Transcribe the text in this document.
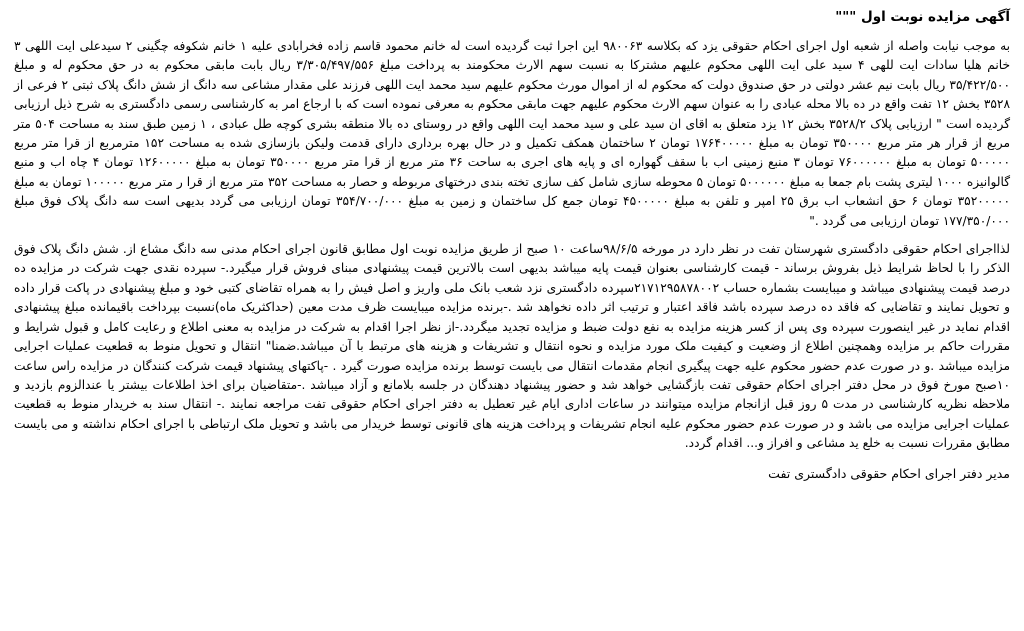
آگهی مزایده نوبت اول """

به موجب نیابت واصله از شعبه اول اجرای احکام حقوقی یزد که بکلاسه ۹۸۰۰۶۳ این اجرا ثبت گردیده است له خانم محمود قاسم زاده فخرابادی علیه ۱ خانم شکوفه چگینی ۲ سیدعلی ایت اللهی ۳ خانم هلیا سادات ایت للهی ۴ سید علی ایت اللهی محکوم علیهم مشترکا به نسبت سهم الارث محکومند به پرداخت مبلغ ۳/۳۰۵/۴۹۷/۵۵۶ ریال بابت مابقی محکوم به در حق محکوم له و مبلغ ۳۵/۴۲۲/۵۰۰ ریال بابت نیم عشر دولتی در حق صندوق دولت که محکوم له از اموال مورث محکوم علیهم سید محمد ایت اللهی فرزند علی مقدار مشاعی سه دانگ از شش دانگ پلاک ثبتی ۲ فرعی از ۳۵۲۸ بخش ۱۲ تفت واقع در ده بالا محله عبادی را به عنوان سهم الارث محکوم علیهم جهت مابقی محکوم به معرفی نموده است که با ارجاع امر به کارشناسی رسمی دادگستری به شرح ذیل ارزیابی گردیده است " ارزیابی پلاک ۳۵۲۸/۲ بخش ۱۲ یزد متعلق به اقای ان سید علی و سید محمد ایت اللهی واقع در روستای ده بالا منطقه بشری کوچه طل عبادی ، ۱ زمین طبق سند به مساحت ۵۰۴ متر مربع از قرار هر متر مربع ۳۵۰۰۰۰ تومان به مبلغ ۱۷۶۴۰۰۰۰۰ تومان ۲ ساختمان همکف تکمیل و در حال بهره برداری دارای قدمت ولیکن بازسازی شده به مساحت ۱۵۲ مترمربع از قرا متر مربع ۵۰۰۰۰۰ تومان به مبلغ ۷۶۰۰۰۰۰۰ تومان ۳ منبع زمینی اب با سقف گهواره ای و پایه های اجری به ساحت ۳۶ متر مربع از قرا متر مربع ۳۵۰۰۰۰ تومان به مبلغ ۱۲۶۰۰۰۰۰ تومان ۴ چاه اب و منبع گالوانیزه ۱۰۰۰ لیتری پشت بام جمعا به مبلغ ۵۰۰۰۰۰۰ تومان ۵ محوطه سازی شامل کف سازی تخته بندی درختهای مربوطه و حصار به مساحت ۳۵۲ متر مربع از قرا ر متر مربع ۱۰۰۰۰۰ تومان به مبلغ ۳۵۲۰۰۰۰۰ تومان ۶ حق انشعاب اب برق ۲۵ امپر و تلفن به مبلغ ۴۵۰۰۰۰۰ تومان جمع کل ساختمان و زمین به مبلغ ۳۵۴/۷۰۰/۰۰۰ تومان ارزیابی می گردد بدیهی است سه دانگ پلاک فوق مبلغ ۱۷۷/۳۵۰/۰۰۰ تومان ارزیابی می گردد ."

لذااجرای احکام حقوقی دادگستری شهرستان تفت در نظر دارد در مورخه ۹۸/۶/۵ساعت ۱۰ صبح از طریق مزایده نوبت اول مطابق قانون اجرای احکام مدنی سه دانگ مشاع از. شش دانگ پلاک فوق الذکر را با لحاظ شرایط ذیل بفروش برساند - قیمت کارشناسی بعنوان قیمت پایه میباشد بدیهی است بالاترین قیمت پیشنهادی مبنای فروش قرار میگیرد.- سپرده نقدی جهت شرکت در مزایده ده درصد قیمت پیشنهادی میباشد و میبایست بشماره حساب ۲۱۷۱۲۹۵۸۷۸۰۰۲سپرده دادگستری نزد شعب بانک ملی واریز و اصل فیش را به همراه تقاضای کتبی خود و مبلغ پیشنهادی در پاکت قرار داده و تحویل نمایند و تقاضایی که فاقد ده درصد سپرده باشد فاقد اعتبار و ترتیب اثر داده نخواهد شد .-برنده مزایده میبایست ظرف مدت معین (حداکثریک ماه)نسبت بپرداخت باقیمانده مبلغ پیشنهادی اقدام نماید در غیر اینصورت سپرده وی پس از کسر هزینه مزایده به نفع دولت ضبط و مزایده تجدید میگردد.-از نظر اجرا اقدام به شرکت در مزایده به معنی اطلاع و رعایت کامل و قبول شرایط و مقررات حاکم بر مزایده وهمچنین اطلاع از وضعیت و کیفیت ملک مورد مزایده و نحوه انتقال و تشریفات و هزینه های مرتبط با آن میباشد.ضمنا" انتقال و تحویل منوط به قطعیت عملیات اجرایی مزایده میباشد .و در صورت عدم حضور محکوم علیه جهت پیگیری انجام مقدمات انتقال می بایست توسط برنده مزایده صورت گیرد . -پاکتهای پیشنهاد قیمت شرکت کنندگان در مزایده راس ساعت ۱۰صبح مورخ فوق در محل دفتر اجرای احکام حقوقی تفت بازگشایی خواهد شد و حضور پیشنهاد دهندگان در جلسه بلامانع و آزاد میباشد .-متقاضیان برای اخذ اطلاعات بیشتر یا عندالزوم بازدید و ملاحظه نظریه کارشناسی در مدت ۵ روز قبل ازانجام مزایده میتوانند در ساعات اداری ایام غیر تعطیل به دفتر اجرای احکام حقوقی تفت مراجعه نمایند .- انتقال سند به خریدار منوط به قطعیت عملیات اجرایی مزایده می باشد و در صورت عدم حضور محکوم علیه انجام تشریفات و پرداخت هزینه های قانونی توسط خریدار می باشد و تحویل ملک ارتباطی با اجرای احکام نداشته و می بایست مطابق مقررات نسبت به خلع ید مشاعی و افراز و... اقدام گردد.

مدیر دفتر اجرای احکام حقوقی دادگستری تفت
